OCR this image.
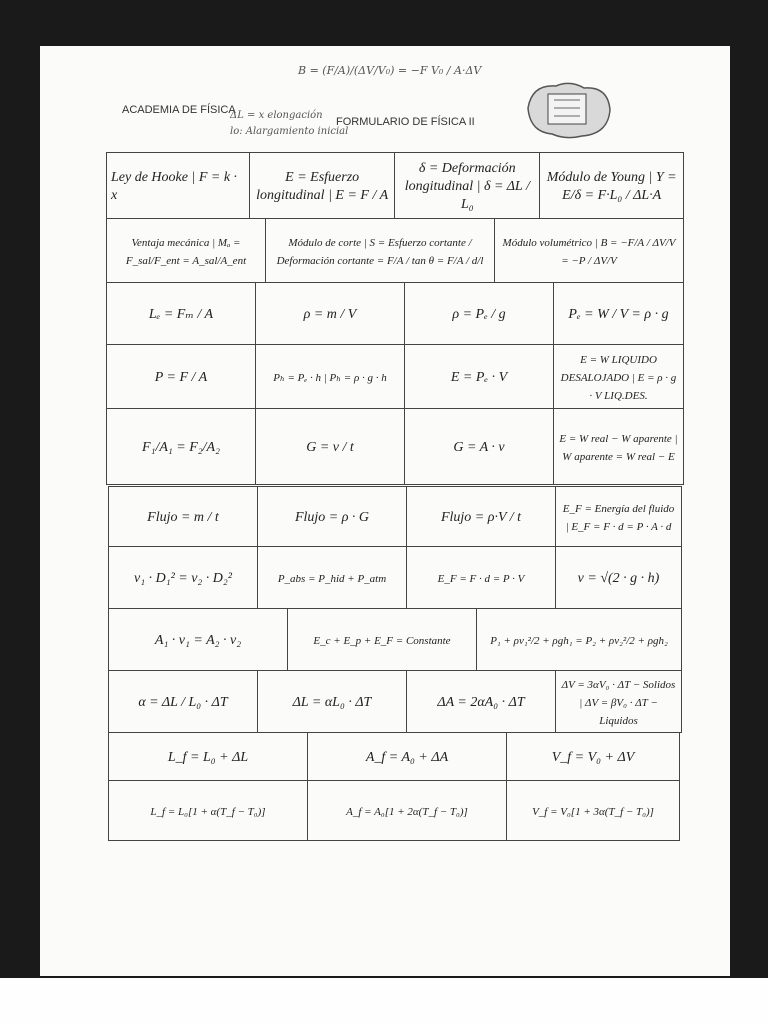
ACADEMIA DE FÍSICA
FORMULARIO DE FÍSICA II
B = (F/A)/(ΔV/V₀) = −F V₀ / A·ΔV
ΔL = x elongación
lo: Alargamiento inicial
Ley de Hooke | F = k · x	E = Esfuerzo longitudinal | E = F / A	δ = Deformación longitudinal | δ = ΔL / L₀	Módulo de Young | Y = E/δ = F·L₀ / ΔL·A
Ventaja mecánica | Mₐ = F_sal/F_ent = A_sal/A_ent	Módulo de corte | S = Esfuerzo cortante / Deformación cortante = F/A / tan θ = F/A / d/l	Módulo volumétrico | B = −F/A / ΔV/V = −P / ΔV/V
Lₑ = Fₘ / A	ρ = m / V	ρ = Pₑ / g	Pₑ = W / V = ρ · g
P = F / A	Pₕ = Pₑ · h | Pₕ = ρ · g · h	E = Pₑ · V	E = W LIQUIDO DESALOJADO | E = ρ · g · V LIQ.DES.
F₁/A₁ = F₂/A₂	G = v / t	G = A · v	E = W real − W aparente | W aparente = W real − E
Flujo = m / t	Flujo = ρ · G	Flujo = ρ·V / t	E_F = Energía del fluido | E_F = F · d = P · A · d
v₁ · D₁² = v₂ · D₂²	P_abs = P_hid + P_atm	E_F = F · d = P · V	v = √(2 · g · h)
A₁ · v₁ = A₂ · v₂	E_c + E_p + E_F = Constante	P₁ + ρv₁²/2 + ρgh₁ = P₂ + ρv₂²/2 + ρgh₂
α = ΔL / L₀ · ΔT	ΔL = αL₀ · ΔT	ΔA = 2αA₀ · ΔT	ΔV = 3αV₀ · ΔT − Solidos | ΔV = βV₀ · ΔT − Liquidos
L_f = L₀ + ΔL	A_f = A₀ + ΔA	V_f = V₀ + ΔV
L_f = L₀[1 + α(T_f − T₀)]	A_f = A₀[1 + 2α(T_f − T₀)]	V_f = V₀[1 + 3α(T_f − T₀)]
